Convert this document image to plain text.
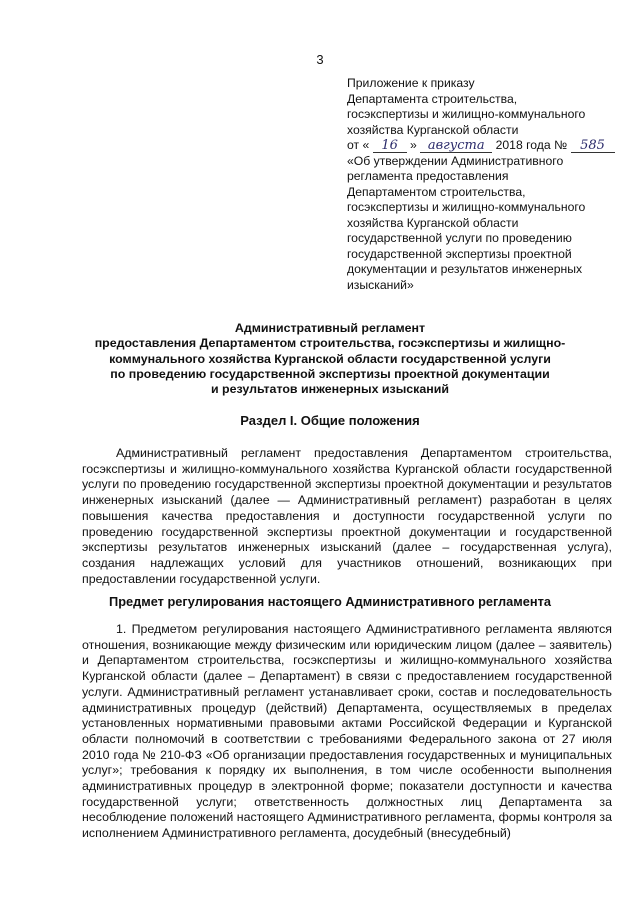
3
Приложение к приказу
Департамента строительства,
госэкспертизы и жилищно-коммунального
хозяйства Курганской области
от « 16 » августа 2018 года № 585
«Об утверждении Административного
регламента предоставления
Департаментом строительства,
госэкспертизы и жилищно-коммунального
хозяйства Курганской области
государственной услуги по проведению
государственной экспертизы проектной
документации и результатов инженерных
изысканий»
Административный регламент
предоставления Департаментом строительства, госэкспертизы и жилищно-
коммунального хозяйства Курганской области государственной услуги
по проведению государственной экспертизы проектной документации
и результатов инженерных изысканий
Раздел I. Общие положения

Административный регламент предоставления Департаментом строительства, госэкспертизы и жилищно-коммунального хозяйства Курганской области государственной услуги по проведению государственной экспертизы проектной документации и результатов инженерных изысканий (далее — Административный регламент) разработан в целях повышения качества предоставления и доступности государственной услуги по проведению государственной экспертизы проектной документации и государственной экспертизы результатов инженерных изысканий (далее – государственная услуга), создания надлежащих условий для участников отношений, возникающих при предоставлении государственной услуги.

Предмет регулирования настоящего Административного регламента

1. Предметом регулирования настоящего Административного регламента являются отношения, возникающие между физическим или юридическим лицом (далее – заявитель) и Департаментом строительства, госэкспертизы и жилищно-коммунального хозяйства Курганской области (далее – Департамент) в связи с предоставлением государственной услуги. Административный регламент устанавливает сроки, состав и последовательность административных процедур (действий) Департамента, осуществляемых в пределах установленных нормативными правовыми актами Российской Федерации и Курганской области полномочий в соответствии с требованиями Федерального закона от 27 июля 2010 года № 210-ФЗ «Об организации предоставления государственных и муниципальных услуг»; требования к порядку их выполнения, в том числе особенности выполнения административных процедур в электронной форме; показатели доступности и качества государственной услуги; ответственность должностных лиц Департамента за несоблюдение положений настоящего Административного регламента, формы контроля за исполнением Административного регламента, досудебный (внесудебный)
